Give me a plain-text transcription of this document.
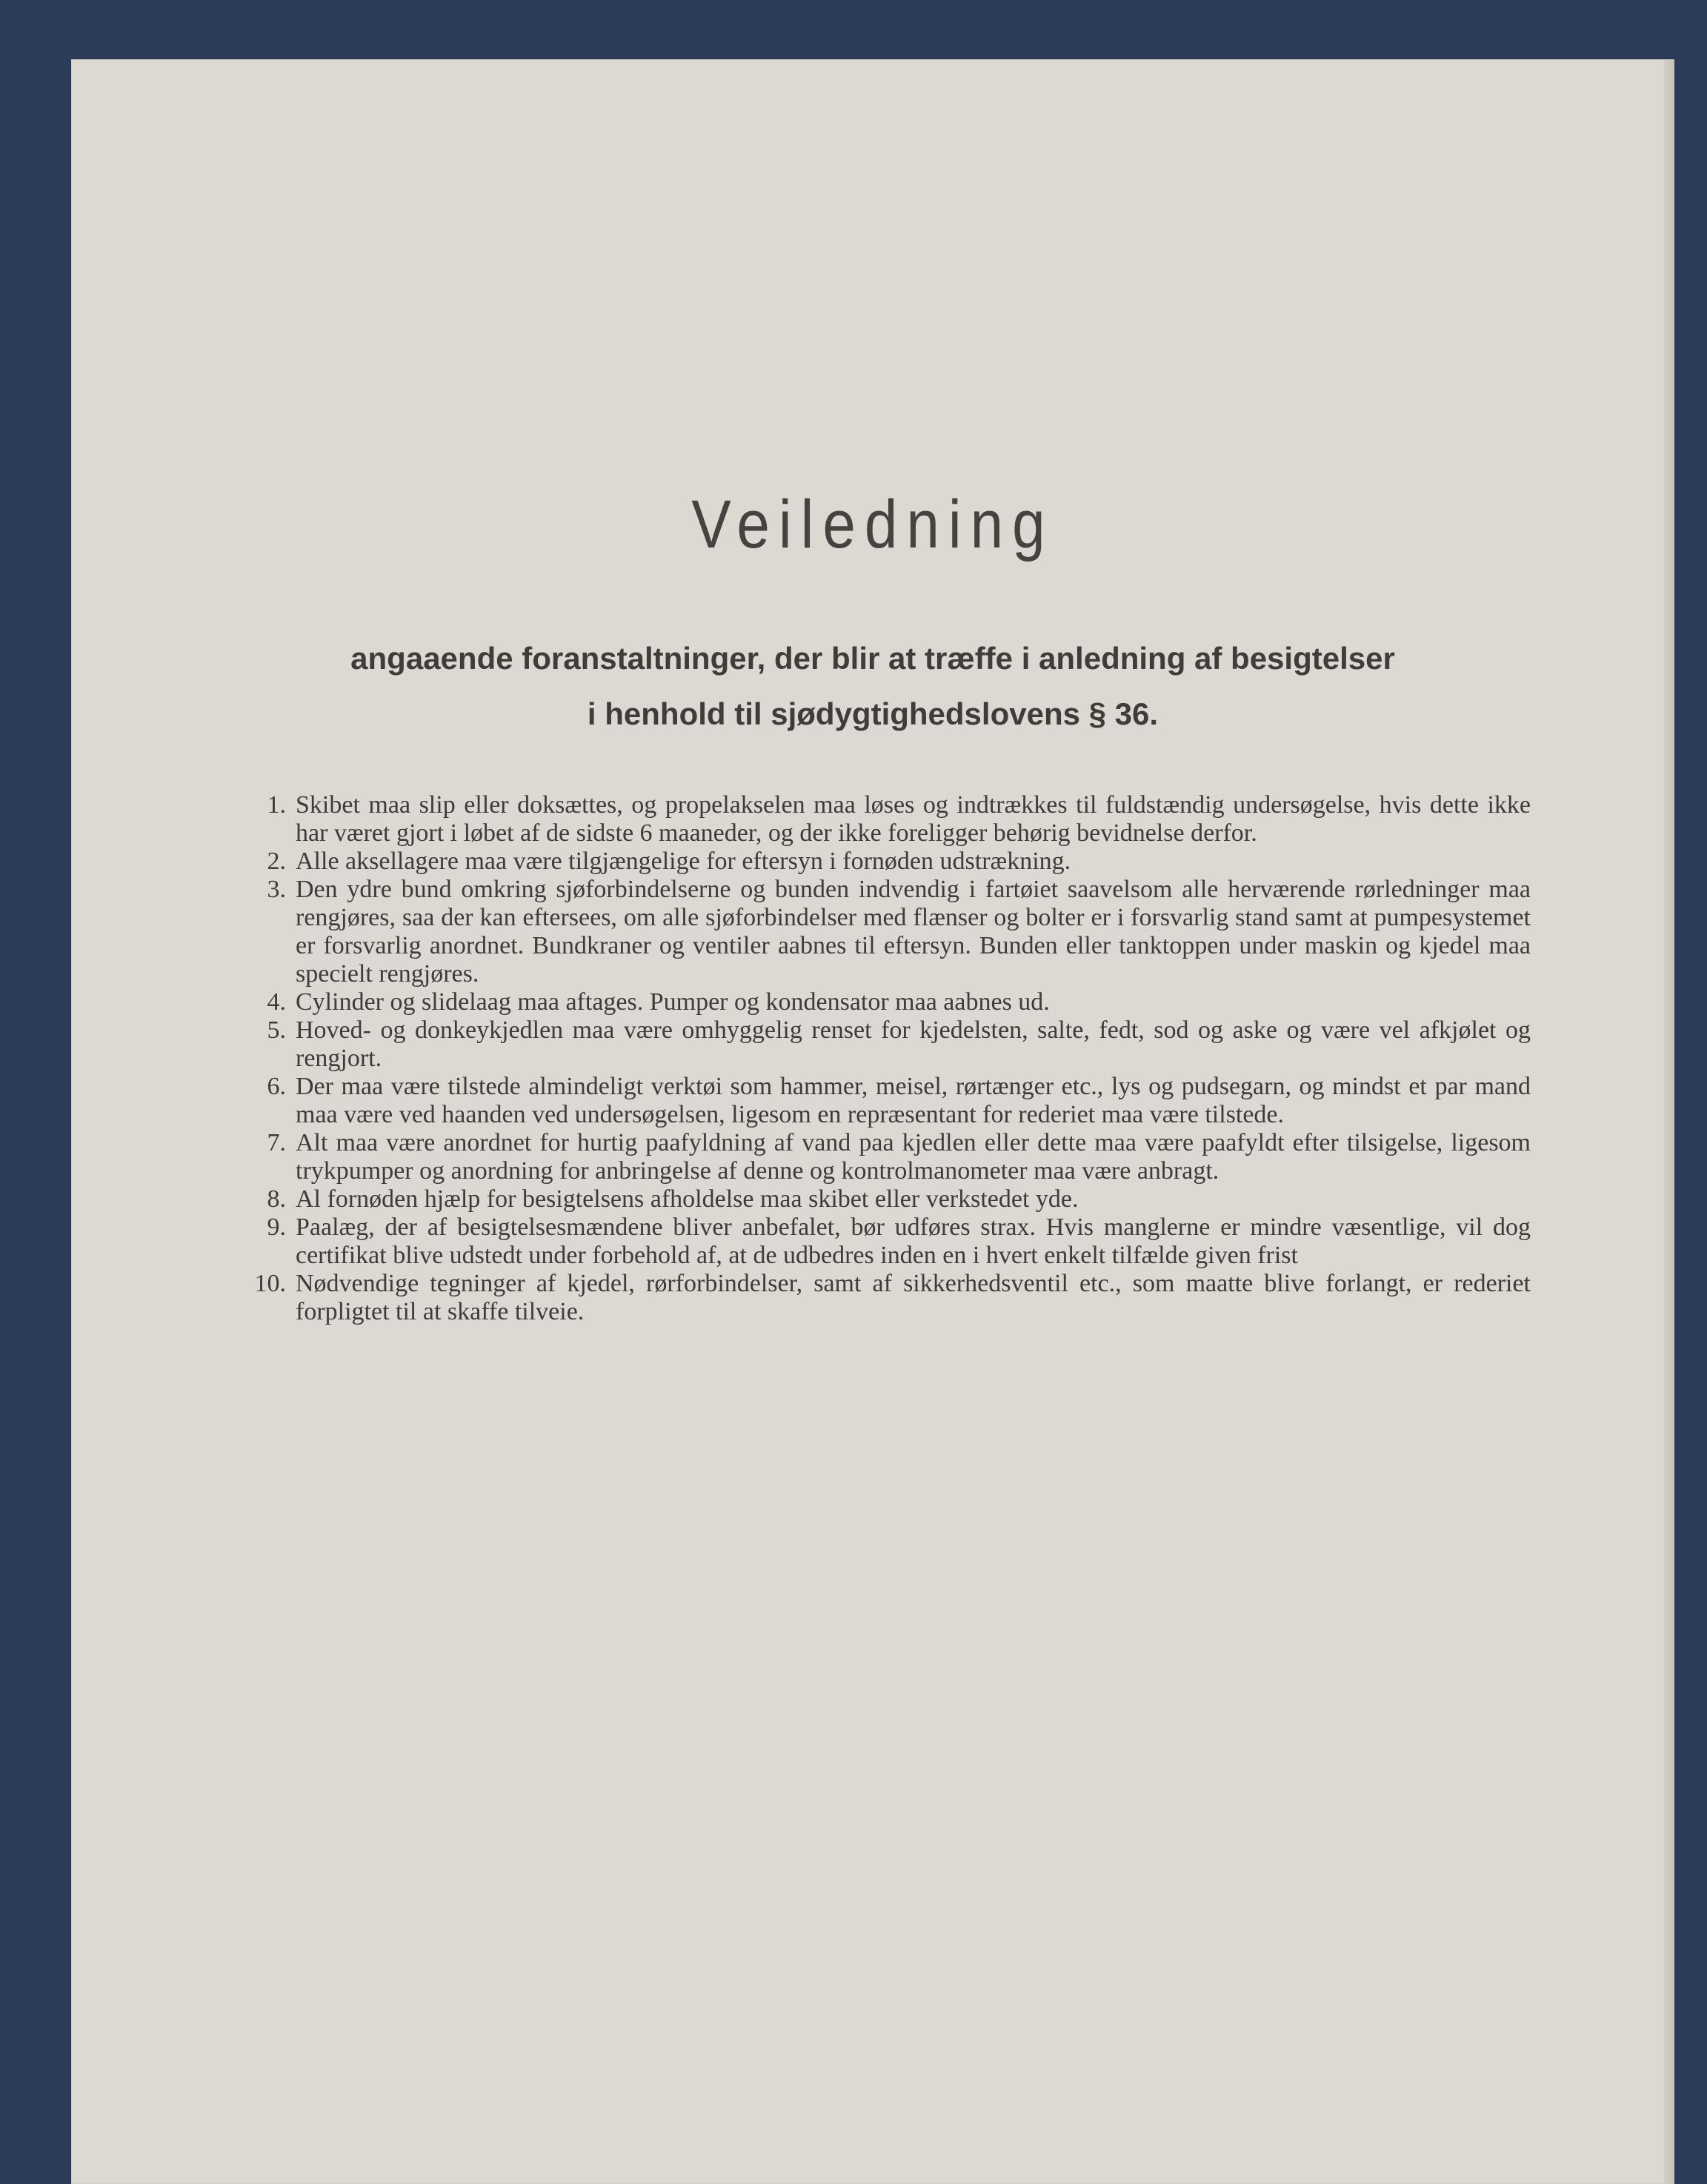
Veiledning
angaaende foranstaltninger, der blir at træffe i anledning af besigtelser
i henhold til sjødygtighedslovens § 36.
1. Skibet maa slip eller doksættes, og propelakselen maa løses og indtrækkes til fuldstændig undersøgelse, hvis dette ikke har været gjort i løbet af de sidste 6 maaneder, og der ikke foreligger behørig bevidnelse derfor.
2. Alle aksellagere maa være tilgjængelige for eftersyn i fornøden udstrækning.
3. Den ydre bund omkring sjøforbindelserne og bunden indvendig i fartøiet saavelsom alle herværende rørledninger maa rengjøres, saa der kan eftersees, om alle sjøforbindelser med flænser og bolter er i forsvarlig stand samt at pumpesystemet er forsvarlig anordnet. Bundkraner og ventiler aabnes til eftersyn. Bunden eller tanktoppen under maskin og kjedel maa specielt rengjøres.
4. Cylinder og slidelaag maa aftages. Pumper og kondensator maa aabnes ud.
5. Hoved- og donkeykjedlen maa være omhyggelig renset for kjedelsten, salte, fedt, sod og aske og være vel afkjølet og rengjort.
6. Der maa være tilstede almindeligt verktøi som hammer, meisel, rørtænger etc., lys og pudsegarn, og mindst et par mand maa være ved haanden ved undersøgelsen, ligesom en repræsentant for rederiet maa være tilstede.
7. Alt maa være anordnet for hurtig paafyldning af vand paa kjedlen eller dette maa være paafyldt efter tilsigelse, ligesom trykpumper og anordning for anbringelse af denne og kontrolmanometer maa være anbragt.
8. Al fornøden hjælp for besigtelsens afholdelse maa skibet eller verkstedet yde.
9. Paalæg, der af besigtelsesmændene bliver anbefalet, bør udføres strax. Hvis manglerne er mindre væsentlige, vil dog certifikat blive udstedt under forbehold af, at de udbedres inden en i hvert enkelt tilfælde given frist
10. Nødvendige tegninger af kjedel, rørforbindelser, samt af sikkerhedsventil etc., som maatte blive forlangt, er rederiet forpligtet til at skaffe tilveie.
